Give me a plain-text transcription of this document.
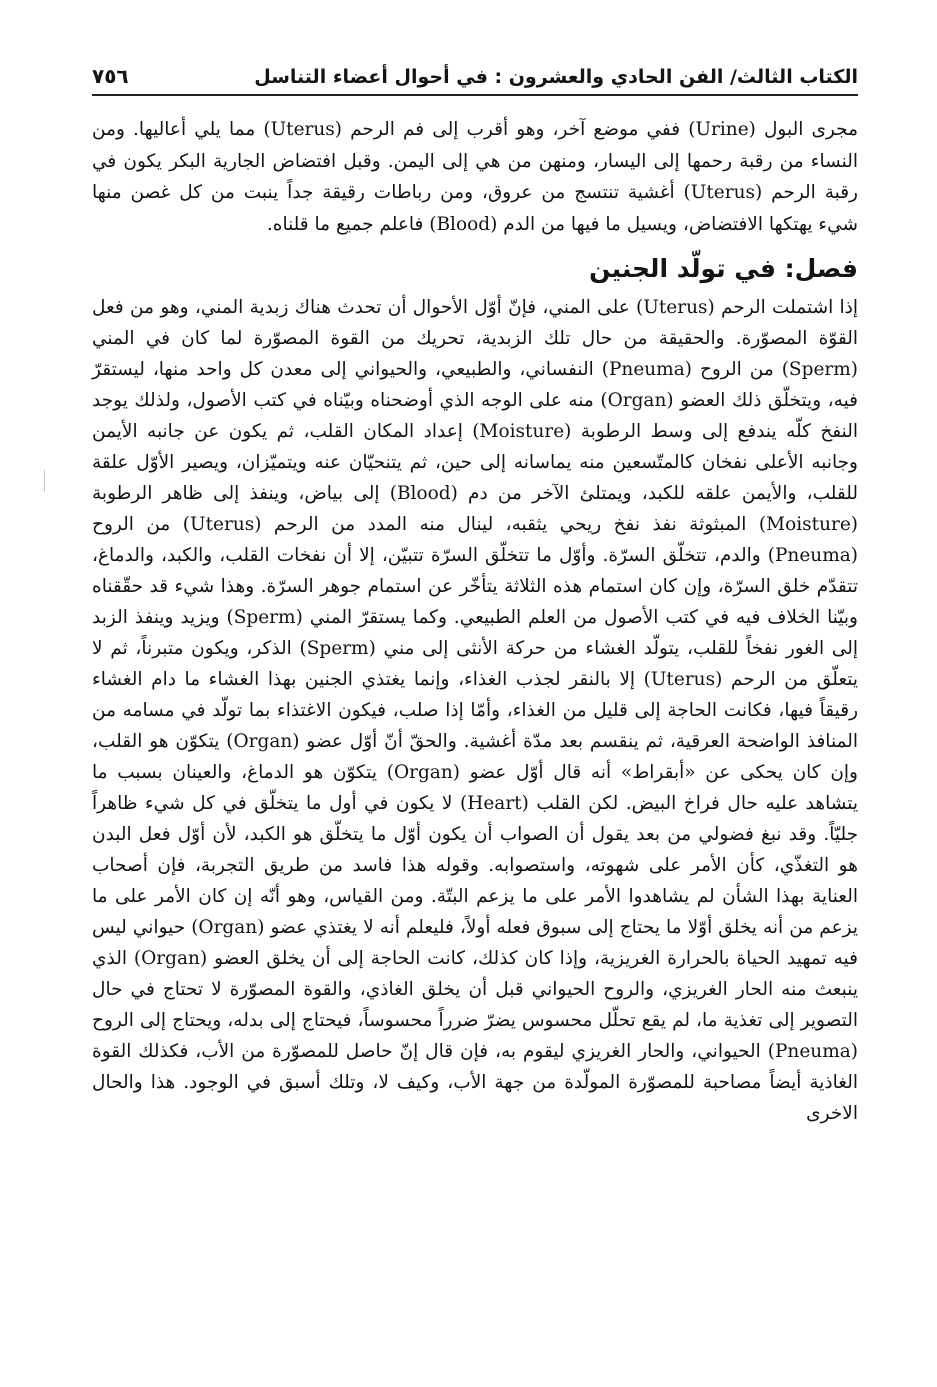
الكتاب الثالث/ الفن الحادي والعشرون : في أحوال أعضاء التناسل
٧٥٦

مجرى البول (Urine) ففي موضع آخر، وهو أقرب إلى فم الرحم (Uterus) مما يلي أعاليها. ومن النساء من رقبة رحمها إلى اليسار، ومنهن من هي إلى اليمن. وقبل افتضاض الجارية البكر يكون في رقبة الرحم (Uterus) أغشية تنتسج من عروق، ومن رباطات رقيقة جداً ينبت من كل غصن منها شيء يهتكها الافتضاض، ويسيل ما فيها من الدم (Blood) فاعلم جميع ما قلناه.

فصل: في تولّد الجنين

إذا اشتملت الرحم (Uterus) على المني، فإنّ أوّل الأحوال أن تحدث هناك زبدية المني، وهو من فعل القوّة المصوّرة. والحقيقة من حال تلك الزبدية، تحريك من القوة المصوّرة لما كان في المني (Sperm) من الروح (Pneuma) النفساني، والطبيعي، والحيواني إلى معدن كل واحد منها، ليستقرّ فيه، ويتخلّق ذلك العضو (Organ) منه على الوجه الذي أوضحناه وبيّناه في كتب الأصول، ولذلك يوجد النفخ كلّه يندفع إلى وسط الرطوبة (Moisture) إعداد المكان القلب، ثم يكون عن جانبه الأيمن وجانبه الأعلى نفخان كالمتّسعين منه يماسانه إلى حين، ثم يتنحيّان عنه ويتميّزان، ويصير الأوّل علقة للقلب، والأيمن علقه للكبد، ويمتلئ الآخر من دم (Blood) إلى بياض، وينفذ إلى ظاهر الرطوبة (Moisture) المبثوثة نفذ نفخ ريحي يثقبه، لينال منه المدد من الرحم (Uterus) من الروح (Pneuma) والدم، تتخلّق السرّة. وأوّل ما تتخلّق السرّة تتبيّن، إلا أن نفخات القلب، والكبد، والدماغ، تتقدّم خلق السرّة، وإن كان استمام هذه الثلاثة يتأخّر عن استمام جوهر السرّة. وهذا شيء قد حقّقناه وبيّنا الخلاف فيه في كتب الأصول من العلم الطبيعي. وكما يستقرّ المني (Sperm) ويزيد وينفذ الزبد إلى الغور نفخاً للقلب، يتولّد الغشاء من حركة الأنثى إلى مني (Sperm) الذكر، ويكون متبرناً، ثم لا يتعلّق من الرحم (Uterus) إلا بالنقر لجذب الغذاء، وإنما يغتذي الجنين بهذا الغشاء ما دام الغشاء رقيقاً فيها، فكانت الحاجة إلى قليل من الغذاء، وأمّا إذا صلب، فيكون الاغتذاء بما تولّد في مسامه من المنافذ الواضحة العرقية، ثم ينقسم بعد مدّة أغشية. والحقّ أنّ أوّل عضو (Organ) يتكوّن هو القلب، وإن كان يحكى عن «أبقراط» أنه قال أوّل عضو (Organ) يتكوّن هو الدماغ، والعينان بسبب ما يتشاهد عليه حال فراخ البيض. لكن القلب (Heart) لا يكون في أول ما يتخلّق في كل شيء ظاهراً جليّاً. وقد نبغ فضولي من بعد يقول أن الصواب أن يكون أوّل ما يتخلّق هو الكبد، لأن أوّل فعل البدن هو التغذّي، كأن الأمر على شهوته، واستصوابه. وقوله هذا فاسد من طريق التجربة، فإن أصحاب العناية بهذا الشأن لم يشاهدوا الأمر على ما يزعم البتّة. ومن القياس، وهو أنّه إن كان الأمر على ما يزعم من أنه يخلق أوّلا ما يحتاج إلى سبوق فعله أولاً، فليعلم أنه لا يغتذي عضو (Organ) حيواني ليس فيه تمهيد الحياة بالحرارة الغريزية، وإذا كان كذلك، كانت الحاجة إلى أن يخلق العضو (Organ) الذي ينبعث منه الحار الغريزي، والروح الحيواني قبل أن يخلق الغاذي، والقوة المصوّرة لا تحتاج في حال التصوير إلى تغذية ما، لم يقع تحلّل محسوس يضرّ ضرراً محسوساً، فيحتاج إلى بدله، ويحتاج إلى الروح (Pneuma) الحيواني، والحار الغريزي ليقوم به، فإن قال إنّ حاصل للمصوّرة من الأب، فكذلك القوة الغاذية أيضاً مصاحبة للمصوّرة المولّدة من جهة الأب، وكيف لا، وتلك أسبق في الوجود. هذا والحال الاخرى
